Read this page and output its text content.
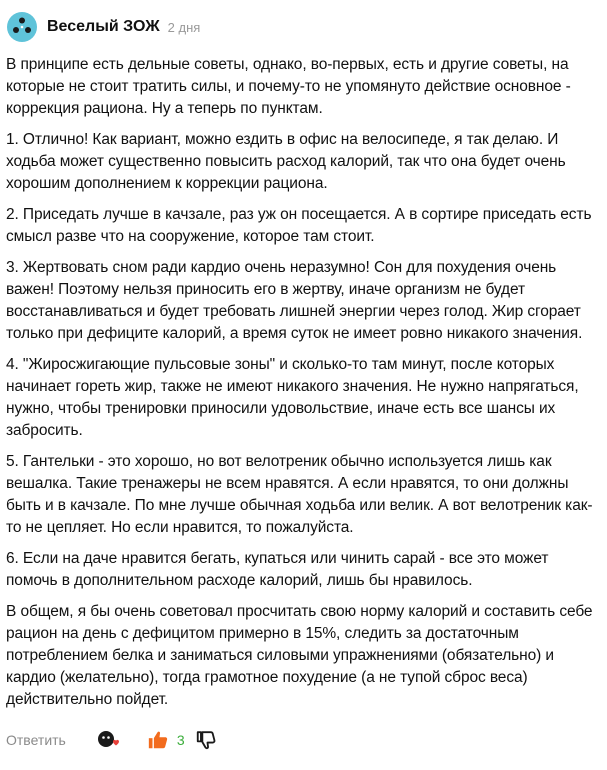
Веселый ЗОЖ 2 дня

В принципе есть дельные советы, однако, во-первых, есть и другие советы, на которые не стоит тратить силы, и почему-то не упомянуто действие основное - коррекция рациона. Ну а теперь по пунктам.

1. Отлично! Как вариант, можно ездить в офис на велосипеде, я так делаю. И ходьба может существенно повысить расход калорий, так что она будет очень хорошим дополнением к коррекции рациона.

2. Приседать лучше в качзале, раз уж он посещается. А в сортире приседать есть смысл разве что на сооружение, которое там стоит.

3. Жертвовать сном ради кардио очень неразумно! Сон для похудения очень важен! Поэтому нельзя приносить его в жертву, иначе организм не будет восстанавливаться и будет требовать лишней энергии через голод. Жир сгорает только при дефиците калорий, а время суток не имеет ровно никакого значения.

4. "Жиросжигающие пульсовые зоны" и сколько-то там минут, после которых начинает гореть жир, также не имеют никакого значения. Не нужно напрягаться, нужно, чтобы тренировки приносили удовольствие, иначе есть все шансы их забросить.

5. Гантельки - это хорошо, но вот велотреник обычно используется лишь как вешалка. Такие тренажеры не всем нравятся. А если нравятся, то они должны быть и в качзале. По мне лучше обычная ходьба или велик. А вот велотреник как-то не цепляет. Но если нравится, то пожалуйста.

6. Если на даче нравится бегать, купаться или чинить сарай - все это может помочь в дополнительном расходе калорий, лишь бы нравилось.

В общем, я бы очень советовал просчитать свою норму калорий и составить себе рацион на день с дефицитом примерно в 15%, следить за достаточным потреблением белка и заниматься силовыми упражнениями (обязательно) и кардио (желательно), тогда грамотное похудение (а не тупой сброс веса) действительно пойдет.

Ответить	3
